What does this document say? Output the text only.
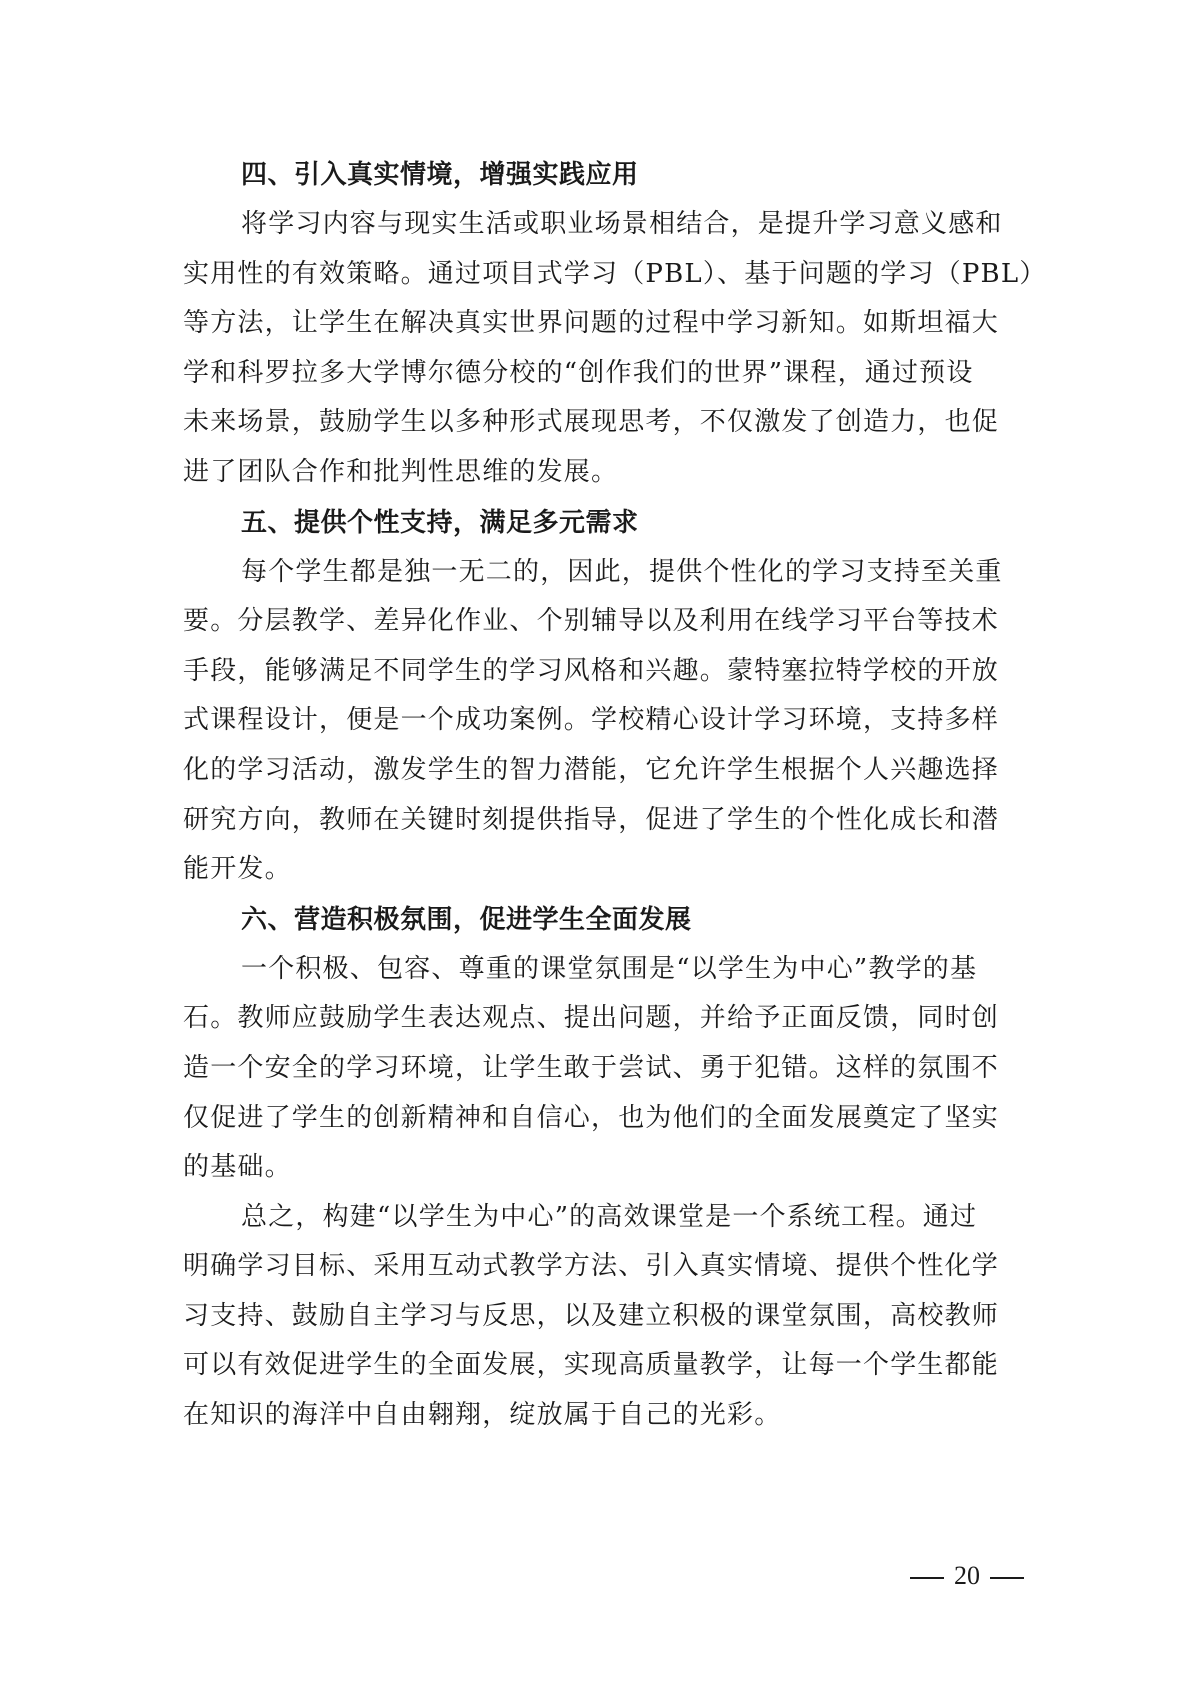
四、引入真实情境，增强实践应用

将学习内容与现实生活或职业场景相结合，是提升学习意义感和
实用性的有效策略。通过项目式学习（PBL）、基于问题的学习（PBL）
等方法，让学生在解决真实世界问题的过程中学习新知。如斯坦福大
学和科罗拉多大学博尔德分校的“创作我们的世界”课程，通过预设
未来场景，鼓励学生以多种形式展现思考，不仅激发了创造力，也促
进了团队合作和批判性思维的发展。

五、提供个性支持，满足多元需求

每个学生都是独一无二的，因此，提供个性化的学习支持至关重
要。分层教学、差异化作业、个别辅导以及利用在线学习平台等技术
手段，能够满足不同学生的学习风格和兴趣。蒙特塞拉特学校的开放
式课程设计，便是一个成功案例。学校精心设计学习环境，支持多样
化的学习活动，激发学生的智力潜能，它允许学生根据个人兴趣选择
研究方向，教师在关键时刻提供指导，促进了学生的个性化成长和潜
能开发。

六、营造积极氛围，促进学生全面发展

一个积极、包容、尊重的课堂氛围是“以学生为中心”教学的基
石。教师应鼓励学生表达观点、提出问题，并给予正面反馈，同时创
造一个安全的学习环境，让学生敢于尝试、勇于犯错。这样的氛围不
仅促进了学生的创新精神和自信心，也为他们的全面发展奠定了坚实
的基础。

总之，构建“以学生为中心”的高效课堂是一个系统工程。通过
明确学习目标、采用互动式教学方法、引入真实情境、提供个性化学
习支持、鼓励自主学习与反思，以及建立积极的课堂氛围，高校教师
可以有效促进学生的全面发展，实现高质量教学，让每一个学生都能
在知识的海洋中自由翱翔，绽放属于自己的光彩。

20
